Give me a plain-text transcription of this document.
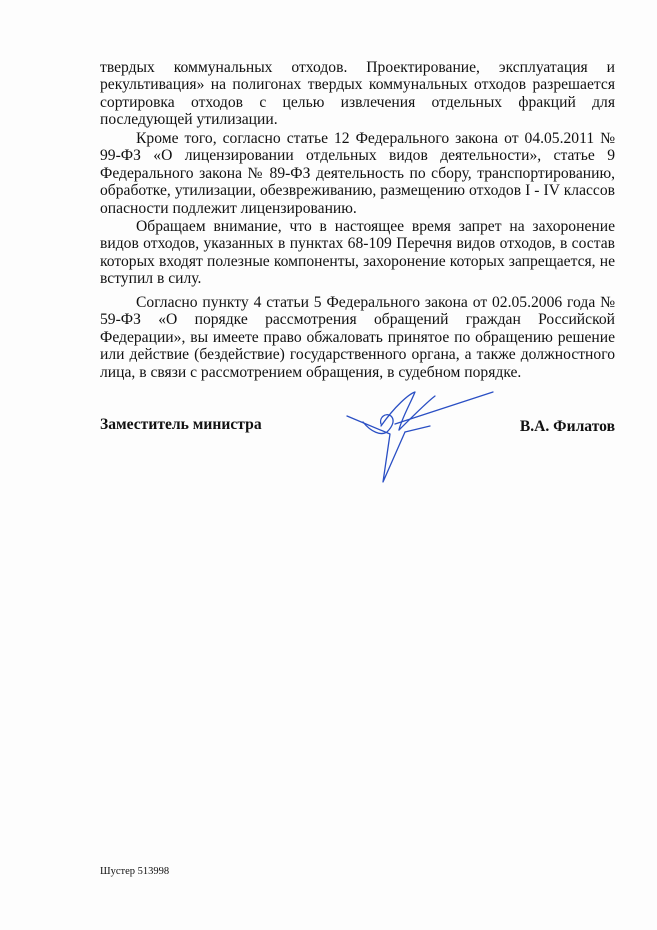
твердых коммунальных отходов. Проектирование, эксплуатация и рекультивация» на полигонах твердых коммунальных отходов разрешается сортировка отходов с целью извлечения отдельных фракций для последующей утилизации.

Кроме того, согласно статье 12 Федерального закона от 04.05.2011 № 99-ФЗ «О лицензировании отдельных видов деятельности», статье 9 Федерального закона № 89-ФЗ деятельность по сбору, транспортированию, обработке, утилизации, обезвреживанию, размещению отходов I - IV классов опасности подлежит лицензированию.

Обращаем внимание, что в настоящее время запрет на захоронение видов отходов, указанных в пунктах 68-109 Перечня видов отходов, в состав которых входят полезные компоненты, захоронение которых запрещается, не вступил в силу.

Согласно пункту 4 статьи 5 Федерального закона от 02.05.2006 года № 59-ФЗ «О порядке рассмотрения обращений граждан Российской Федерации», вы имеете право обжаловать принятое по обращению решение или действие (бездействие) государственного органа, а также должностного лица, в связи с рассмотрением обращения, в судебном порядке.

Заместитель министра	В.А. Филатов
Шустер 513998
